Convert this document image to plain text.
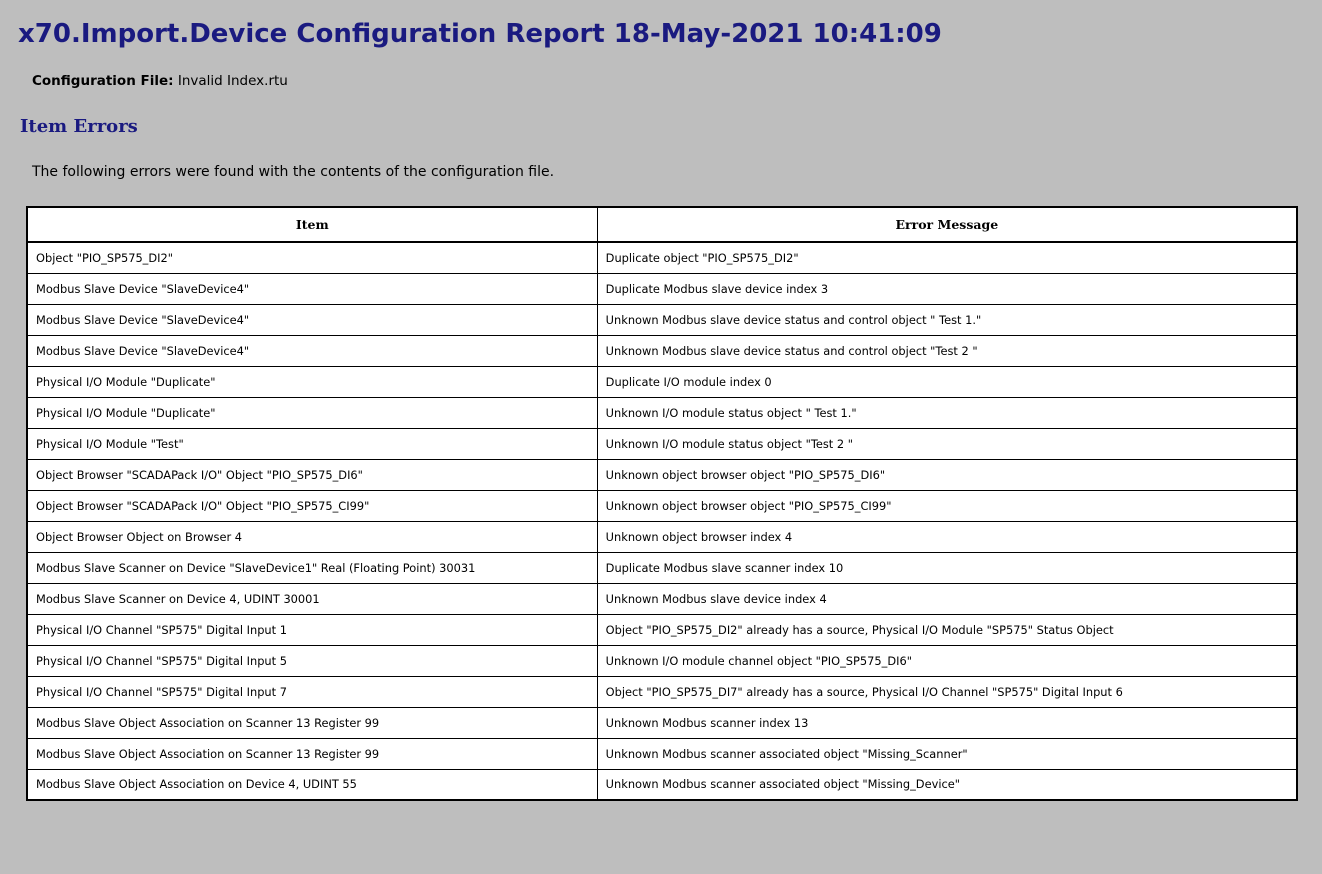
x70.Import.Device Configuration Report 18-May-2021 10:41:09
Configuration File: Invalid Index.rtu
Item Errors
The following errors were found with the contents of the configuration file.
Item	Error Message
Object "PIO_SP575_DI2"	Duplicate object "PIO_SP575_DI2"
Modbus Slave Device "SlaveDevice4"	Duplicate Modbus slave device index 3
Modbus Slave Device "SlaveDevice4"	Unknown Modbus slave device status and control object " Test 1."
Modbus Slave Device "SlaveDevice4"	Unknown Modbus slave device status and control object "Test 2 "
Physical I/O Module "Duplicate"	Duplicate I/O module index 0
Physical I/O Module "Duplicate"	Unknown I/O module status object " Test 1."
Physical I/O Module "Test"	Unknown I/O module status object "Test 2 "
Object Browser "SCADAPack I/O" Object "PIO_SP575_DI6"	Unknown object browser object "PIO_SP575_DI6"
Object Browser "SCADAPack I/O" Object "PIO_SP575_CI99"	Unknown object browser object "PIO_SP575_CI99"
Object Browser Object on Browser 4	Unknown object browser index 4
Modbus Slave Scanner on Device "SlaveDevice1" Real (Floating Point) 30031	Duplicate Modbus slave scanner index 10
Modbus Slave Scanner on Device 4, UDINT 30001	Unknown Modbus slave device index 4
Physical I/O Channel "SP575" Digital Input 1	Object "PIO_SP575_DI2" already has a source, Physical I/O Module "SP575" Status Object
Physical I/O Channel "SP575" Digital Input 5	Unknown I/O module channel object "PIO_SP575_DI6"
Physical I/O Channel "SP575" Digital Input 7	Object "PIO_SP575_DI7" already has a source, Physical I/O Channel "SP575" Digital Input 6
Modbus Slave Object Association on Scanner 13 Register 99	Unknown Modbus scanner index 13
Modbus Slave Object Association on Scanner 13 Register 99	Unknown Modbus scanner associated object "Missing_Scanner"
Modbus Slave Object Association on Device 4, UDINT 55	Unknown Modbus scanner associated object "Missing_Device"
